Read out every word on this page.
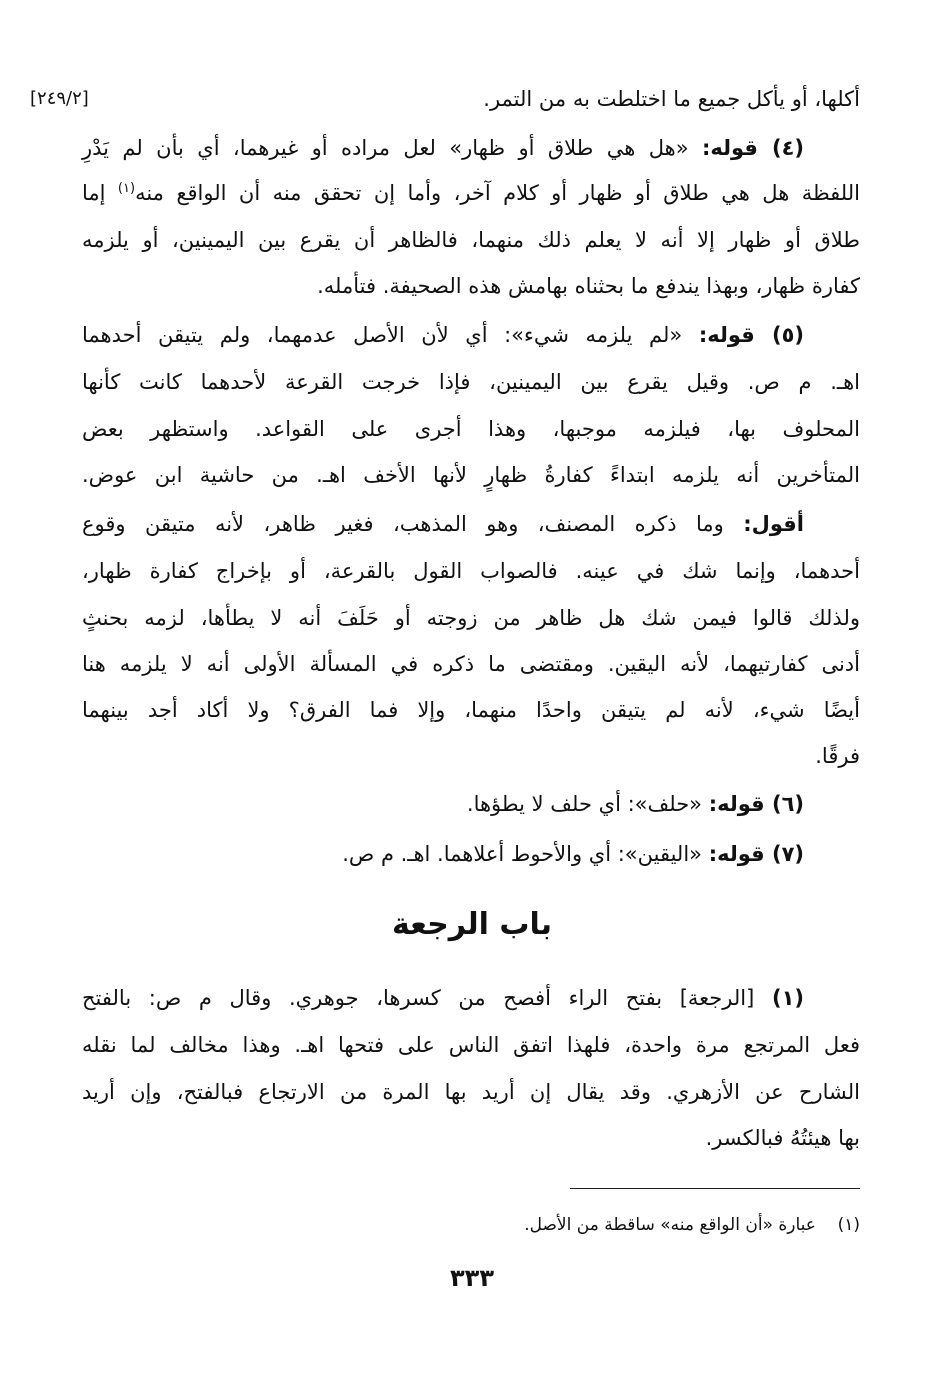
أكلها، أو يأكل جميع ما اختلطت به من التمر.
[٢٤٩/٢]
(٤) قوله: «هل هي طلاق أو ظهار» لعل مراده أو غيرهما، أي بأن لم يَدْرِ
اللفظة هل هي طلاق أو ظهار أو كلام آخر، وأما إن تحقق منه أن الواقع منه$^{(١)}$ إما
طلاق أو ظهار إلا أنه لا يعلم ذلك منهما، فالظاهر أن يقرع بين اليمينين، أو يلزمه
كفارة ظهار، وبهذا يندفع ما بحثناه بهامش هذه الصحيفة. فتأمله.
(٥) قوله: «لم يلزمه شيء»: أي لأن الأصل عدمهما، ولم يتيقن أحدهما
اهـ. م ص. وقيل يقرع بين اليمينين، فإذا خرجت القرعة لأحدهما كانت كأنها
المحلوف بها، فيلزمه موجبها، وهذا أجرى على القواعد. واستظهر بعض
المتأخرين أنه يلزمه ابتداءً كفارةُ ظهارٍ لأنها الأخف اهـ. من حاشية ابن عوض.
أقول: وما ذكره المصنف، وهو المذهب، فغير ظاهر، لأنه متيقن وقوع
أحدهما، وإنما شك في عينه. فالصواب القول بالقرعة، أو بإخراج كفارة ظهار،
ولذلك قالوا فيمن شك هل ظاهر من زوجته أو حَلَفَ أنه لا يطأها، لزمه بحنثٍ
أدنى كفارتيهما، لأنه اليقين. ومقتضى ما ذكره في المسألة الأولى أنه لا يلزمه هنا
أيضًا شيء، لأنه لم يتيقن واحدًا منهما، وإلا فما الفرق؟ ولا أكاد أجد بينهما
فرقًا.
(٦) قوله: «حلف»: أي حلف لا يطؤها.
(٧) قوله: «اليقين»: أي والأحوط أعلاهما. اهـ. م ص.
باب الرجعة
(١) [الرجعة] بفتح الراء أفصح من كسرها، جوهري. وقال م ص: بالفتح
فعل المرتجع مرة واحدة، فلهذا اتفق الناس على فتحها اهـ. وهذا مخالف لما نقله
الشارح عن الأزهري. وقد يقال إن أريد بها المرة من الارتجاع فبالفتح، وإن أريد
بها هيئتُهُ فبالكسر.
(١)    عبارة «أن الواقع منه» ساقطة من الأصل.
٣٣٣
